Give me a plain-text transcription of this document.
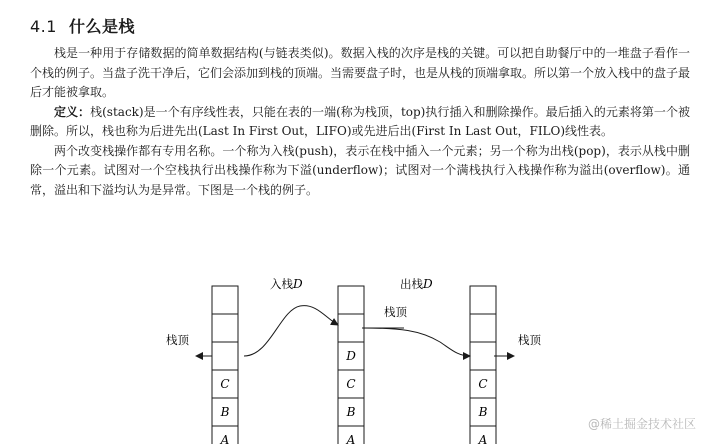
4.1 什么是栈

栈是一种用于存储数据的简单数据结构(与链表类似)。数据入栈的次序是栈的关键。可以把自助餐厅中的一堆盘子看作一个栈的例子。当盘子洗干净后，它们会添加到栈的顶端。当需要盘子时，也是从栈的顶端拿取。所以第一个放入栈中的盘子最后才能被拿取。

定义：栈(stack)是一个有序线性表，只能在表的一端(称为栈顶，top)执行插入和删除操作。最后插入的元素将第一个被删除。所以，栈也称为后进先出(Last In First Out，LIFO)或先进后出(First In Last Out，FILO)线性表。

两个改变栈操作都有专用名称。一个称为入栈(push)，表示在栈中插入一个元素；另一个称为出栈(pop)，表示从栈中删除一个元素。试图对一个空栈执行出栈操作称为下溢(underflow)；试图对一个满栈执行入栈操作称为溢出(overflow)。通常，溢出和下溢均认为是异常。下图是一个栈的例子。

C
B
A
D
C
B
A
C
B
A
入栈D	出栈D
栈顶
栈顶
栈顶
@稀土掘金技术社区
